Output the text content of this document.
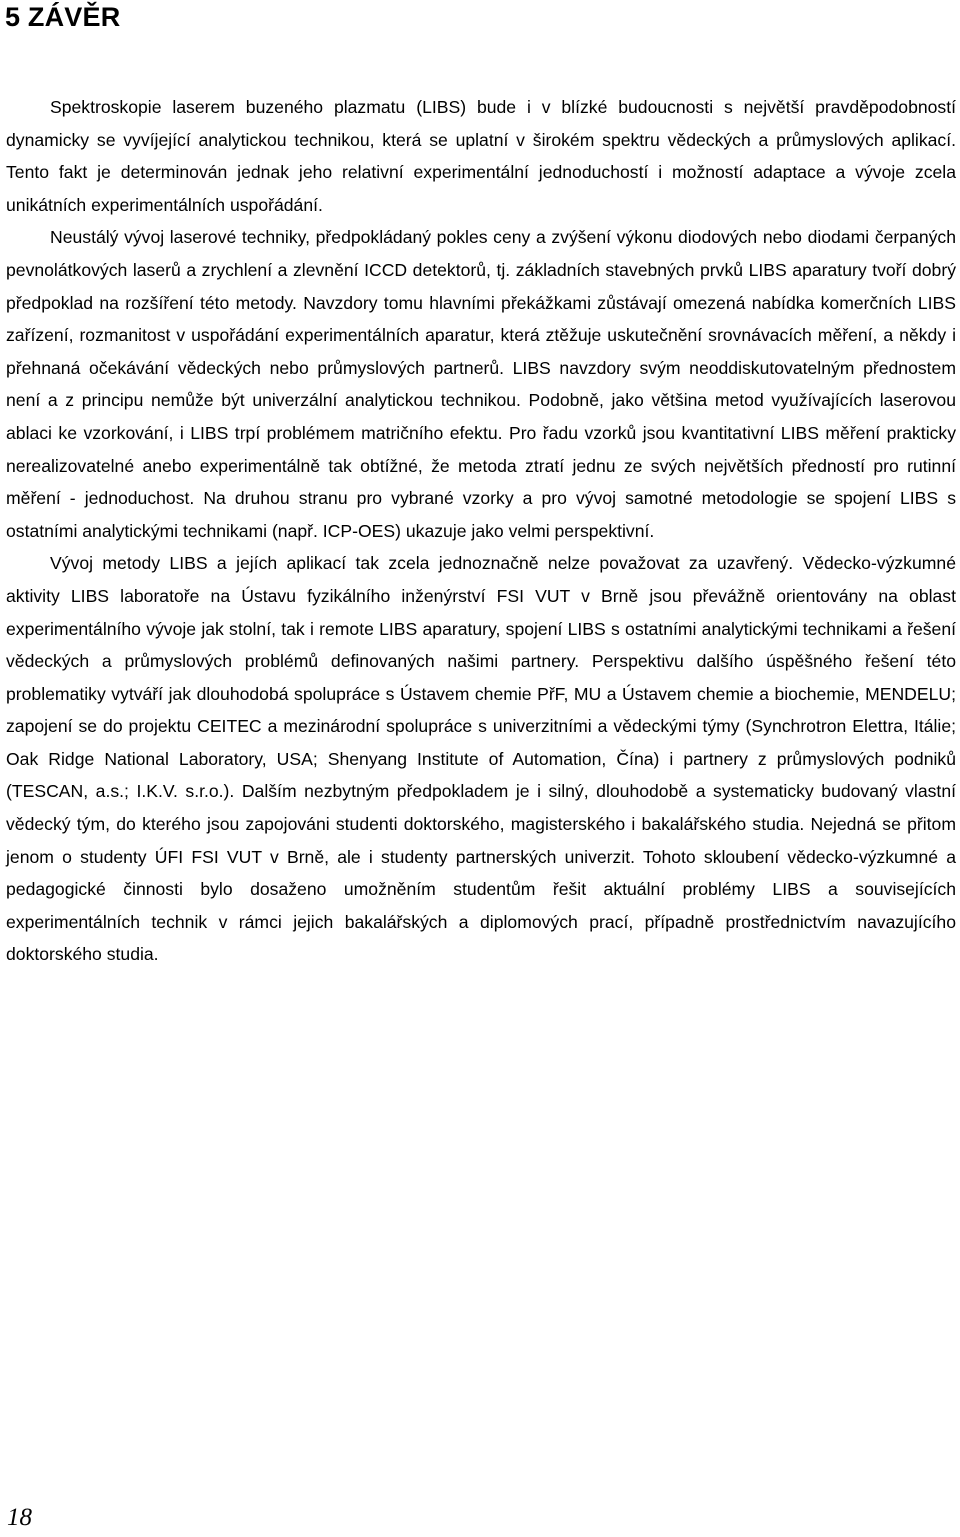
5 ZÁVĚR

Spektroskopie laserem buzeného plazmatu (LIBS) bude i v blízké budoucnosti s největší pravděpodobností dynamicky se vyvíjející analytickou technikou, která se uplatní v širokém spektru vědeckých a průmyslových aplikací. Tento fakt je determinován jednak jeho relativní experimentální jednoduchostí i možností adaptace a vývoje zcela unikátních experimentálních uspořádání.

Neustálý vývoj laserové techniky, předpokládaný pokles ceny a zvýšení výkonu diodových nebo diodami čerpaných pevnolátkových laserů a zrychlení a zlevnění ICCD detektorů, tj. základních stavebných prvků LIBS aparatury tvoří dobrý předpoklad na rozšíření této metody. Navzdory tomu hlavními překážkami zůstávají omezená nabídka komerčních LIBS zařízení, rozmanitost v uspořádání experimentálních aparatur, která ztěžuje uskutečnění srovnávacích měření, a někdy i přehnaná očekávání vědeckých nebo průmyslových partnerů. LIBS navzdory svým neoddiskutovatelným přednostem není a z principu nemůže být univerzální analytickou technikou. Podobně, jako většina metod využívajících laserovou ablaci ke vzorkování, i LIBS trpí problémem matričního efektu. Pro řadu vzorků jsou kvantitativní LIBS měření prakticky nerealizovatelné anebo experimentálně tak obtížné, že metoda ztratí jednu ze svých největších předností pro rutinní měření - jednoduchost. Na druhou stranu pro vybrané vzorky a pro vývoj samotné metodologie se spojení LIBS s ostatními analytickými technikami (např. ICP-OES) ukazuje jako velmi perspektivní.

Vývoj metody LIBS a jejích aplikací tak zcela jednoznačně nelze považovat za uzavřený. Vědecko-výzkumné aktivity LIBS laboratoře na Ústavu fyzikálního inženýrství FSI VUT v Brně jsou převážně orientovány na oblast experimentálního vývoje jak stolní, tak i remote LIBS aparatury, spojení LIBS s ostatními analytickými technikami a řešení vědeckých a průmyslových problémů definovaných našimi partnery. Perspektivu dalšího úspěšného řešení této problematiky vytváří jak dlouhodobá spolupráce s Ústavem chemie PřF, MU a Ústavem chemie a biochemie, MENDELU; zapojení se do projektu CEITEC a mezinárodní spolupráce s univerzitními a vědeckými týmy (Synchrotron Elettra, Itálie; Oak Ridge National Laboratory, USA; Shenyang Institute of Automation, Čína) i partnery z průmyslových podniků (TESCAN, a.s.; I.K.V. s.r.o.). Dalším nezbytným předpokladem je i silný, dlouhodobě a systematicky budovaný vlastní vědecký tým, do kterého jsou zapojováni studenti doktorského, magisterského i bakalářského studia. Nejedná se přitom jenom o studenty ÚFI FSI VUT v Brně, ale i studenty partnerských univerzit. Tohoto skloubení vědecko-výzkumné a pedagogické činnosti bylo dosaženo umožněním studentům řešit aktuální problémy LIBS a souvisejících experimentálních technik v rámci jejich bakalářských a diplomových prací, případně prostřednictvím navazujícího doktorského studia.

18
